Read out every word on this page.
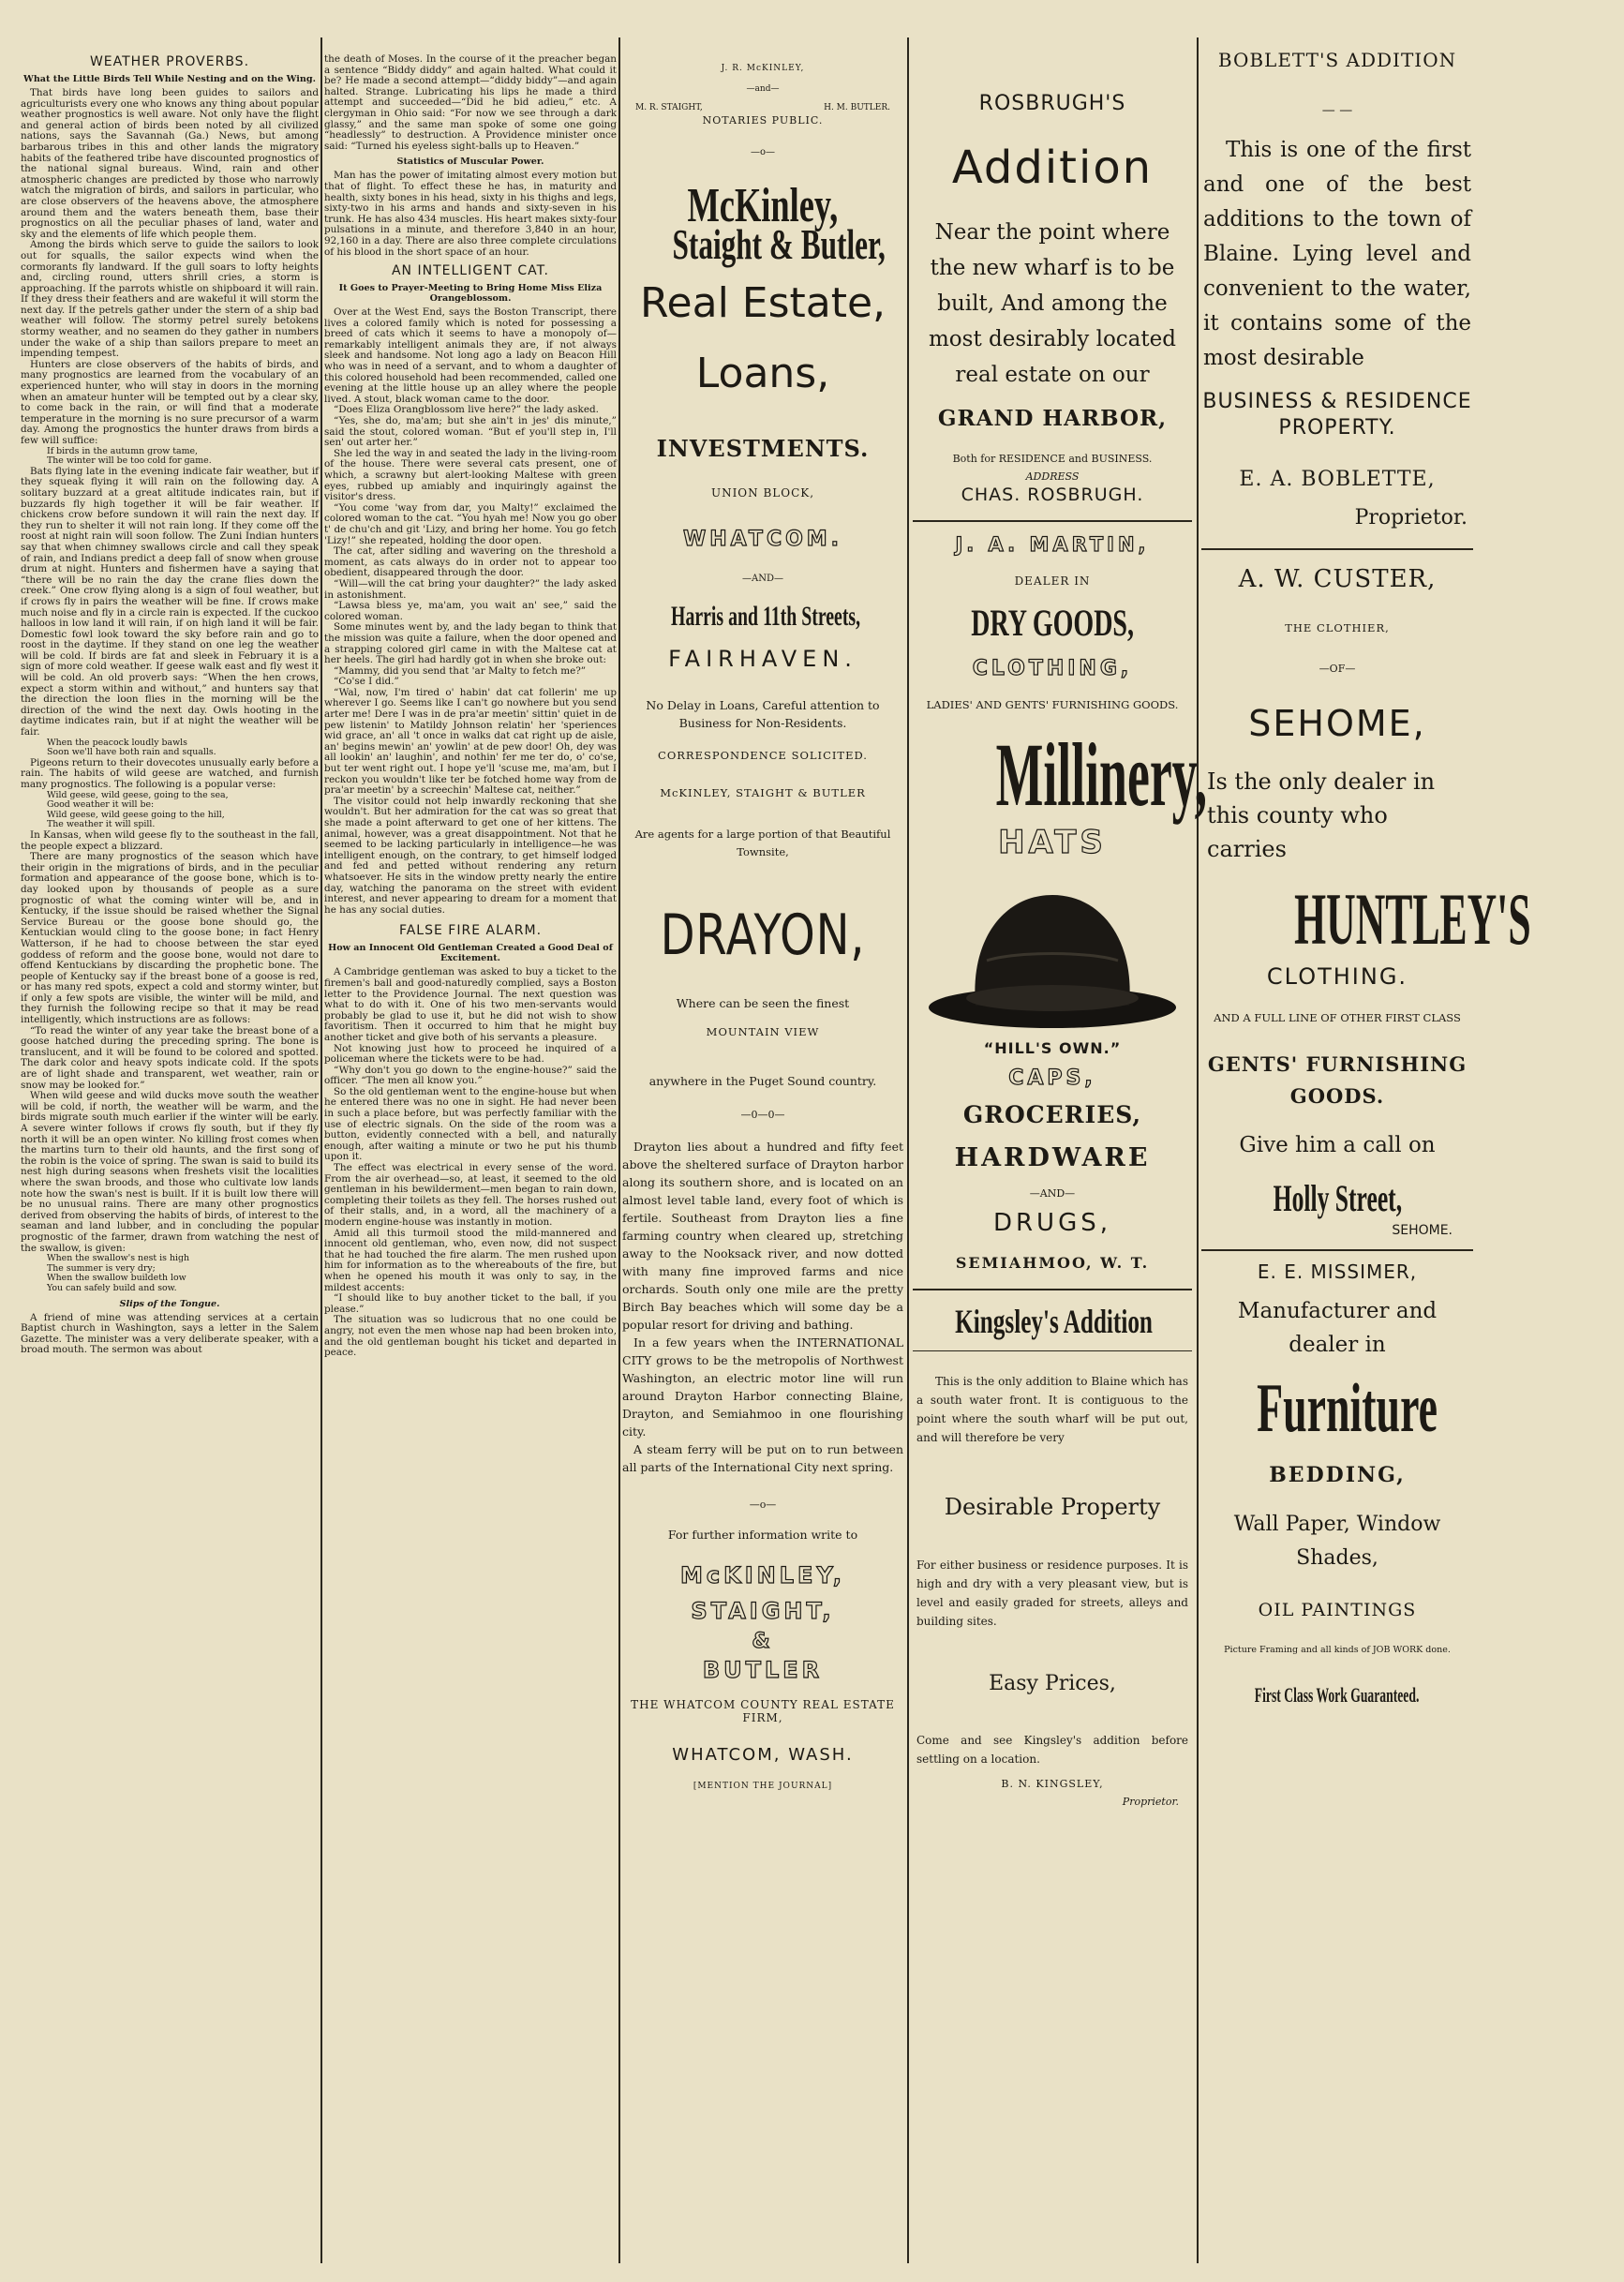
WEATHER PROVERBS.
What the Little Birds Tell While Nesting and on the Wing.

That birds have long been guides to sailors and agriculturists every one who knows any thing about popular weather prognostics is well aware. Not only have the flight and general action of birds been noted by all civilized nations, says the Savannah (Ga.) News, but among barbarous tribes in this and other lands the migratory habits of the feathered tribe have discounted prognostics of the national signal bureaus. Wind, rain and other atmospheric changes are predicted by those who narrowly watch the migration of birds, and sailors in particular, who are close observers of the heavens above, the atmosphere around them and the waters beneath them, base their prognostics on all the peculiar phases of land, water and sky and the elements of life which people them.

Among the birds which serve to guide the sailors to look out for squalls, the sailor expects wind when the cormorants fly landward. If the gull soars to lofty heights and, circling round, utters shrill cries, a storm is approaching. If the parrots whistle on shipboard it will rain. If they dress their feathers and are wakeful it will storm the next day. If the petrels gather under the stern of a ship bad weather will follow. The stormy petrel surely betokens stormy weather, and no seamen do they gather in numbers under the wake of a ship than sailors prepare to meet an impending tempest.

Hunters are close observers of the habits of birds, and many prognostics are learned from the vocabulary of an experienced hunter, who will stay in doors in the morning when an amateur hunter will be tempted out by a clear sky, to come back in the rain, or will find that a moderate temperature in the morning is no sure precursor of a warm day. Among the prognostics the hunter draws from birds a few will suffice:

If birds in the autumn grow tame,
The winter will be too cold for game.

Bats flying late in the evening indicate fair weather, but if they squeak flying it will rain on the following day. A solitary buzzard at a great altitude indicates rain, but if buzzards fly high together it will be fair weather. If chickens crow before sundown it will rain the next day. If they run to shelter it will not rain long. If they come off the roost at night rain will soon follow. The Zuni Indian hunters say that when chimney swallows circle and call they speak of rain, and Indians predict a deep fall of snow when grouse drum at night. Hunters and fishermen have a saying that “there will be no rain the day the crane flies down the creek.” One crow flying along is a sign of foul weather, but if crows fly in pairs the weather will be fine. If crows make much noise and fly in a circle rain is expected. If the cuckoo halloos in low land it will rain, if on high land it will be fair. Domestic fowl look toward the sky before rain and go to roost in the daytime. If they stand on one leg the weather will be cold. If birds are fat and sleek in February it is a sign of more cold weather. If geese walk east and fly west it will be cold. An old proverb says: “When the hen crows, expect a storm within and without,” and hunters say that the direction the loon flies in the morning will be the direction of the wind the next day. Owls hooting in the daytime indicates rain, but if at night the weather will be fair.

When the peacock loudly bawls
Soon we'll have both rain and squalls.

Pigeons return to their dovecotes unusually early before a rain. The habits of wild geese are watched, and furnish many prognostics. The following is a popular verse:

Wild geese, wild geese, going to the sea,
Good weather it will be:
Wild geese, wild geese going to the hill,
The weather it will spill.

In Kansas, when wild geese fly to the southeast in the fall, the people expect a blizzard.

There are many prognostics of the season which have their origin in the migrations of birds, and in the peculiar formation and appearance of the goose bone, which is to-day looked upon by thousands of people as a sure prognostic of what the coming winter will be, and in Kentucky, if the issue should be raised whether the Signal Service Bureau or the goose bone should go, the Kentuckian would cling to the goose bone; in fact Henry Watterson, if he had to choose between the star eyed goddess of reform and the goose bone, would not dare to offend Kentuckians by discarding the prophetic bone. The people of Kentucky say if the breast bone of a goose is red, or has many red spots, expect a cold and stormy winter, but if only a few spots are visible, the winter will be mild, and they furnish the following recipe so that it may be read intelligently, which instructions are as follows:

“To read the winter of any year take the breast bone of a goose hatched during the preceding spring. The bone is translucent, and it will be found to be colored and spotted. The dark color and heavy spots indicate cold. If the spots are of light shade and transparent, wet weather, rain or snow may be looked for.”

When wild geese and wild ducks move south the weather will be cold, if north, the weather will be warm, and the birds migrate south much earlier if the winter will be early. A severe winter follows if crows fly south, but if they fly north it will be an open winter. No killing frost comes when the martins turn to their old haunts, and the first song of the robin is the voice of spring. The swan is said to build its nest high during seasons when freshets visit the localities where the swan broods, and those who cultivate low lands note how the swan's nest is built. If it is built low there will be no unusual rains. There are many other prognostics derived from observing the habits of birds, of interest to the seaman and land lubber, and in concluding the popular prognostic of the farmer, drawn from watching the nest of the swallow, is given:

When the swallow's nest is high
The summer is very dry;
When the swallow buildeth low
You can safely build and sow.

Slips of the Tongue.

A friend of mine was attending services at a certain Baptist church in Washington, says a letter in the Salem Gazette. The minister was a very deliberate speaker, with a broad mouth. The sermon was about

the death of Moses. In the course of it the preacher began a sentence “Biddy diddy” and again halted. What could it be? He made a second attempt—“diddy biddy”—and again halted. Strange. Lubricating his lips he made a third attempt and succeeded—“Did he bid adieu,” etc. A clergyman in Ohio said: “For now we see through a dark glassy,” and the same man spoke of some one going “headlessly” to destruction. A Providence minister once said: “Turned his eyeless sight-balls up to Heaven.”

Statistics of Muscular Power.

Man has the power of imitating almost every motion but that of flight. To effect these he has, in maturity and health, sixty bones in his head, sixty in his thighs and legs, sixty-two in his arms and hands and sixty-seven in his trunk. He has also 434 muscles. His heart makes sixty-four pulsations in a minute, and therefore 3,840 in an hour, 92,160 in a day. There are also three complete circulations of his blood in the short space of an hour.

AN INTELLIGENT CAT.
It Goes to Prayer-Meeting to Bring Home Miss Eliza Orangeblossom.

Over at the West End, says the Boston Transcript, there lives a colored family which is noted for possessing a breed of cats which it seems to have a monopoly of—remarkably intelligent animals they are, if not always sleek and handsome. Not long ago a lady on Beacon Hill who was in need of a servant, and to whom a daughter of this colored household had been recommended, called one evening at the little house up an alley where the people lived. A stout, black woman came to the door.

“Does Eliza Orangblossom live here?” the lady asked.

“Yes, she do, ma'am; but she ain't in jes' dis minute,” said the stout, colored woman. “But ef you'll step in, I'll sen' out arter her.”

She led the way in and seated the lady in the living-room of the house. There were several cats present, one of which, a scrawny but alert-looking Maltese with green eyes, rubbed up amiably and inquiringly against the visitor's dress.

“You come 'way from dar, you Malty!” exclaimed the colored woman to the cat. “You hyah me! Now you go ober t' de chu'ch and git 'Lizy, and bring her home. You go fetch 'Lizy!” she repeated, holding the door open.

The cat, after sidling and wavering on the threshold a moment, as cats always do in order not to appear too obedient, disappeared through the door.

“Will—will the cat bring your daughter?” the lady asked in astonishment.

“Lawsa bless ye, ma'am, you wait an' see,” said the colored woman.

Some minutes went by, and the lady began to think that the mission was quite a failure, when the door opened and a strapping colored girl came in with the Maltese cat at her heels. The girl had hardly got in when she broke out:

“Mammy, did you send that 'ar Malty to fetch me?”

“Co'se I did.”

“Wal, now, I'm tired o' habin' dat cat follerin' me up wherever I go. Seems like I can't go nowhere but you send arter me! Dere I was in de pra'ar meetin' sittin' quiet in de pew listenin' to Matildy Johnson relatin' her 'speriences wid grace, an' all 't once in walks dat cat right up de aisle, an' begins mewin' an' yowlin' at de pew door! Oh, dey was all lookin' an' laughin', and nothin' fer me ter do, o' co'se, but ter went right out. I hope ye'll 'scuse me, ma'am, but I reckon you wouldn't like ter be fotched home way from de pra'ar meetin' by a screechin' Maltese cat, neither.”

The visitor could not help inwardly reckoning that she wouldn't. But her admiration for the cat was so great that she made a point afterward to get one of her kittens. The animal, however, was a great disappointment. Not that he seemed to be lacking particularly in intelligence—he was intelligent enough, on the contrary, to get himself lodged and fed and petted without rendering any return whatsoever. He sits in the window pretty nearly the entire day, watching the panorama on the street with evident interest, and never appearing to dream for a moment that he has any social duties.

FALSE FIRE ALARM.
How an Innocent Old Gentleman Created a Good Deal of Excitement.

A Cambridge gentleman was asked to buy a ticket to the firemen's ball and good-naturedly complied, says a Boston letter to the Providence Journal. The next question was what to do with it. One of his two men-servants would probably be glad to use it, but he did not wish to show favoritism. Then it occurred to him that he might buy another ticket and give both of his servants a pleasure.

Not knowing just how to proceed he inquired of a policeman where the tickets were to be had.

“Why don't you go down to the engine-house?” said the officer. “The men all know you.”

So the old gentleman went to the engine-house but when he entered there was no one in sight. He had never been in such a place before, but was perfectly familiar with the use of electric signals. On the side of the room was a button, evidently connected with a bell, and naturally enough, after waiting a minute or two he put his thumb upon it.

The effect was electrical in every sense of the word. From the air overhead—so, at least, it seemed to the old gentleman in his bewilderment—men began to rain down, completing their toilets as they fell. The horses rushed out of their stalls, and, in a word, all the machinery of a modern engine-house was instantly in motion.

Amid all this turmoil stood the mild-mannered and innocent old gentleman, who, even now, did not suspect that he had touched the fire alarm. The men rushed upon him for information as to the whereabouts of the fire, but when he opened his mouth it was only to say, in the mildest accents:

“I should like to buy another ticket to the ball, if you please.”

The situation was so ludicrous that no one could be angry, not even the men whose nap had been broken into, and the old gentleman bought his ticket and departed in peace.

J. R. McKINLEY,
—and—
M. R. STAIGHT,	H. M. BUTLER.
NOTARIES PUBLIC.
—o—
McKinley,
Staight & Butler,
Real Estate,
Loans,
INVESTMENTS.
UNION BLOCK,
WHATCOM.
—AND—
Harris and 11th Streets,
FAIRHAVEN.
No Delay in Loans, Careful attention to Business for Non-Residents.
CORRESPONDENCE SOLICITED.
McKINLEY, STAIGHT & BUTLER
Are agents for a large portion of that Beautiful Townsite,
DRAYON,
Where can be seen the finest
MOUNTAIN VIEW
anywhere in the Puget Sound country.
—0—0—

Drayton lies about a hundred and fifty feet above the sheltered surface of Drayton harbor along its southern shore, and is located on an almost level table land, every foot of which is fertile. Southeast from Drayton lies a fine farming country when cleared up, stretching away to the Nooksack river, and now dotted with many fine improved farms and nice orchards. South only one mile are the pretty Birch Bay beaches which will some day be a popular resort for driving and bathing.

In a few years when the INTERNATIONAL CITY grows to be the metropolis of Northwest Washington, an electric motor line will run around Drayton Harbor connecting Blaine, Drayton, and Semiahmoo in one flourishing city.

A steam ferry will be put on to run between all parts of the International City next spring.

—o—
For further information write to
McKINLEY,
STAIGHT,
&
BUTLER
THE WHATCOM COUNTY REAL ESTATE FIRM,
WHATCOM, WASH.
[MENTION THE JOURNAL]
ROSBRUGH'S
Addition
Near the point where the new wharf is to be built, And among the most desirably located real estate on our
GRAND HARBOR,
Both for RESIDENCE and BUSINESS.
ADDRESS
CHAS. ROSBRUGH.
J. A. MARTIN,
DEALER IN
DRY GOODS,
CLOTHING,
LADIES' AND GENTS' FURNISHING GOODS.
Millinery,
HATS
“HILL'S OWN.”
CAPS,
GROCERIES,
HARDWARE
—AND—
DRUGS,
SEMIAHMOO, W. T.
Kingsley's Addition

This is the only addition to Blaine which has a south water front. It is contiguous to the point where the south wharf will be put out, and will therefore be very

Desirable Property

For either business or residence purposes. It is high and dry with a very pleasant view, but is level and easily graded for streets, alleys and building sites.

Easy Prices,

Come and see Kingsley's addition before settling on a location.

B. N. KINGSLEY,
Proprietor.
BOBLETT'S ADDITION
— —

This is one of the first and one of the best additions to the town of Blaine. Lying level and convenient to the water, it contains some of the most desirable

BUSINESS & RESIDENCE PROPERTY.
E. A. BOBLETTE,
Proprietor.
A. W. CUSTER,
THE CLOTHIER,
—OF—
SEHOME,
Is the only dealer in this county who carries
HUNTLEY'S
CLOTHING.
AND A FULL LINE OF OTHER FIRST CLASS
GENTS' FURNISHING GOODS.
Give him a call on
Holly Street,
SEHOME.
E. E. MISSIMER,
Manufacturer and dealer in
Furniture
BEDDING,
Wall Paper, Window Shades,
OIL PAINTINGS
Picture Framing and all kinds of JOB WORK done.
First Class Work Guaranteed.
